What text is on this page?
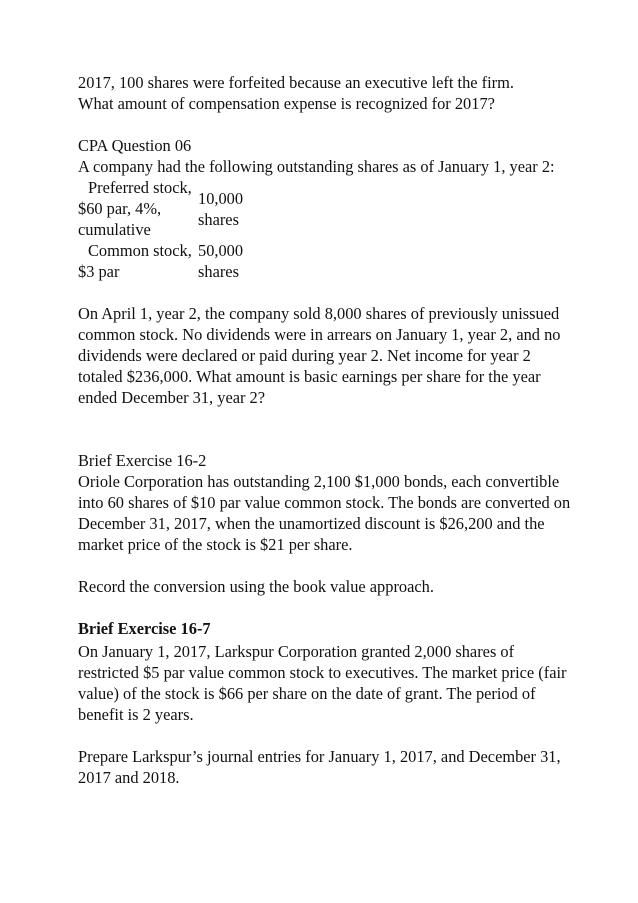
2017, 100 shares were forfeited because an executive left the firm.

What amount of compensation expense is recognized for 2017?

CPA Question 06

A company had the following outstanding shares as of January 1, year 2:

Preferred stock,
$60 par, 4%, cumulative	10,000
shares
Common stock,
$3 par	50,000
shares

On April 1, year 2, the company sold 8,000 shares of previously unissued common stock. No dividends were in arrears on January 1, year 2, and no dividends were declared or paid during year 2. Net income for year 2 totaled $236,000. What amount is basic earnings per share for the year ended December 31, year 2?

Brief Exercise 16-2

Oriole Corporation has outstanding 2,100 $1,000 bonds, each convertible into 60 shares of $10 par value common stock. The bonds are converted on December 31, 2017, when the unamortized discount is $26,200 and the market price of the stock is $21 per share.

Record the conversion using the book value approach.

Brief Exercise 16-7

On January 1, 2017, Larkspur Corporation granted 2,000 shares of restricted $5 par value common stock to executives. The market price (fair value) of the stock is $66 per share on the date of grant. The period of benefit is 2 years.

Prepare Larkspur’s journal entries for January 1, 2017, and December 31, 2017 and 2018.
